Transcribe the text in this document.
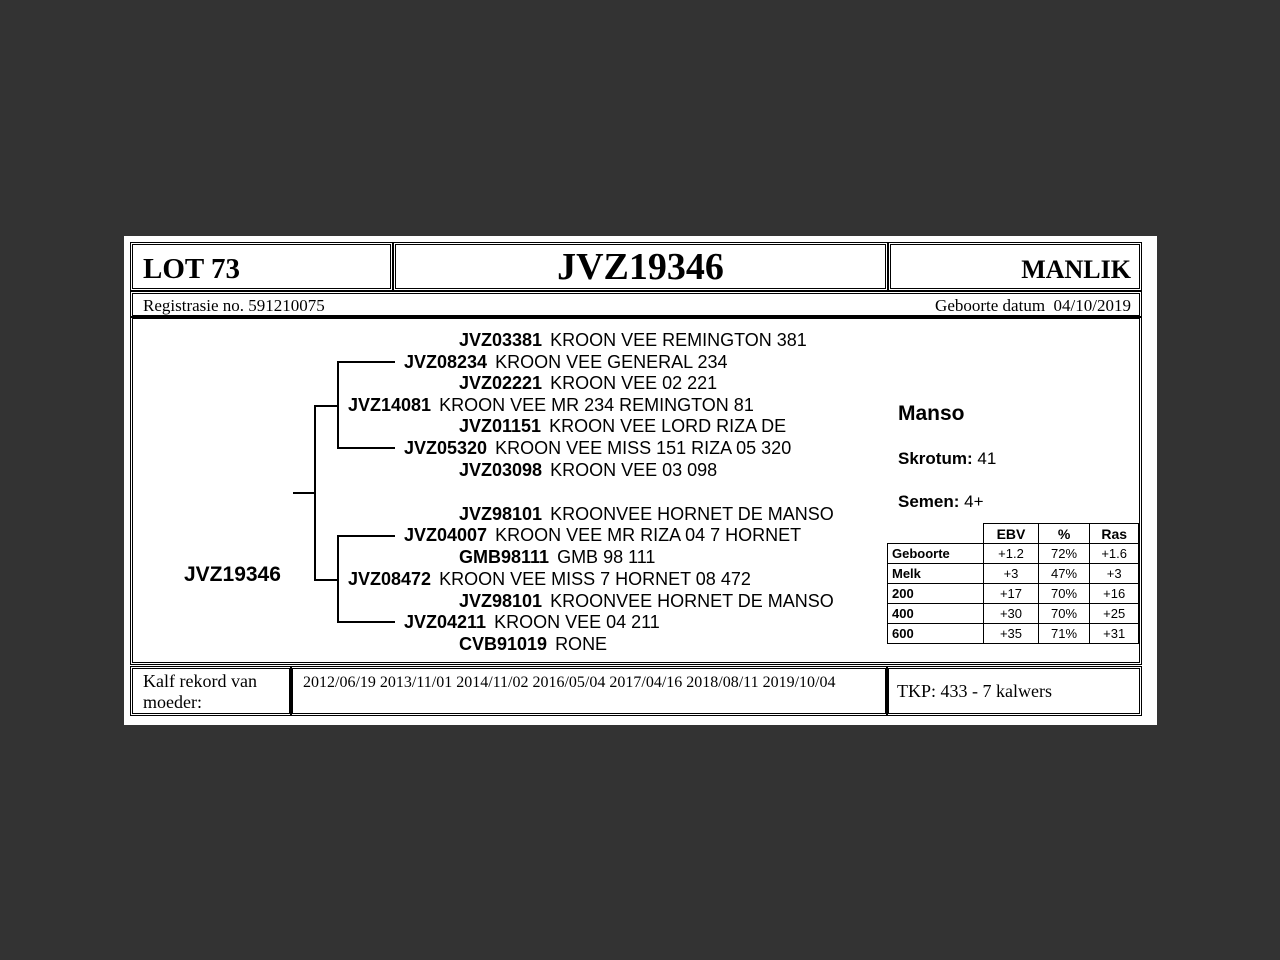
LOT 73	JVZ19346	MANLIK
Registrasie no. 591210075	Geboorte datum 04/10/2019
JVZ19346
JVZ03381 KROON VEE REMINGTON 381
JVZ08234 KROON VEE GENERAL 234
JVZ02221 KROON VEE 02 221
JVZ14081 KROON VEE MR 234 REMINGTON 81
JVZ01151 KROON VEE LORD RIZA DE
JVZ05320 KROON VEE MISS 151 RIZA 05 320
JVZ03098 KROON VEE 03 098
JVZ98101 KROONVEE HORNET DE MANSO
JVZ04007 KROON VEE MR RIZA 04 7 HORNET
GMB98111 GMB 98 111
JVZ08472 KROON VEE MISS 7 HORNET 08 472
JVZ98101 KROONVEE HORNET DE MANSO
JVZ04211 KROON VEE 04 211
CVB91019 RONE
Manso
Skrotum: 41
Semen: 4+
	EBV	%	Ras
Geboorte	+1.2	72%	+1.6
Melk	+3	47%	+3
200	+17	70%	+16
400	+30	70%	+25
600	+35	71%	+31
Kalf rekord van moeder:
2012/06/19 2013/11/01 2014/11/02 2016/05/04 2017/04/16 2018/08/11 2019/10/04	TKP: 433 - 7 kalwers
